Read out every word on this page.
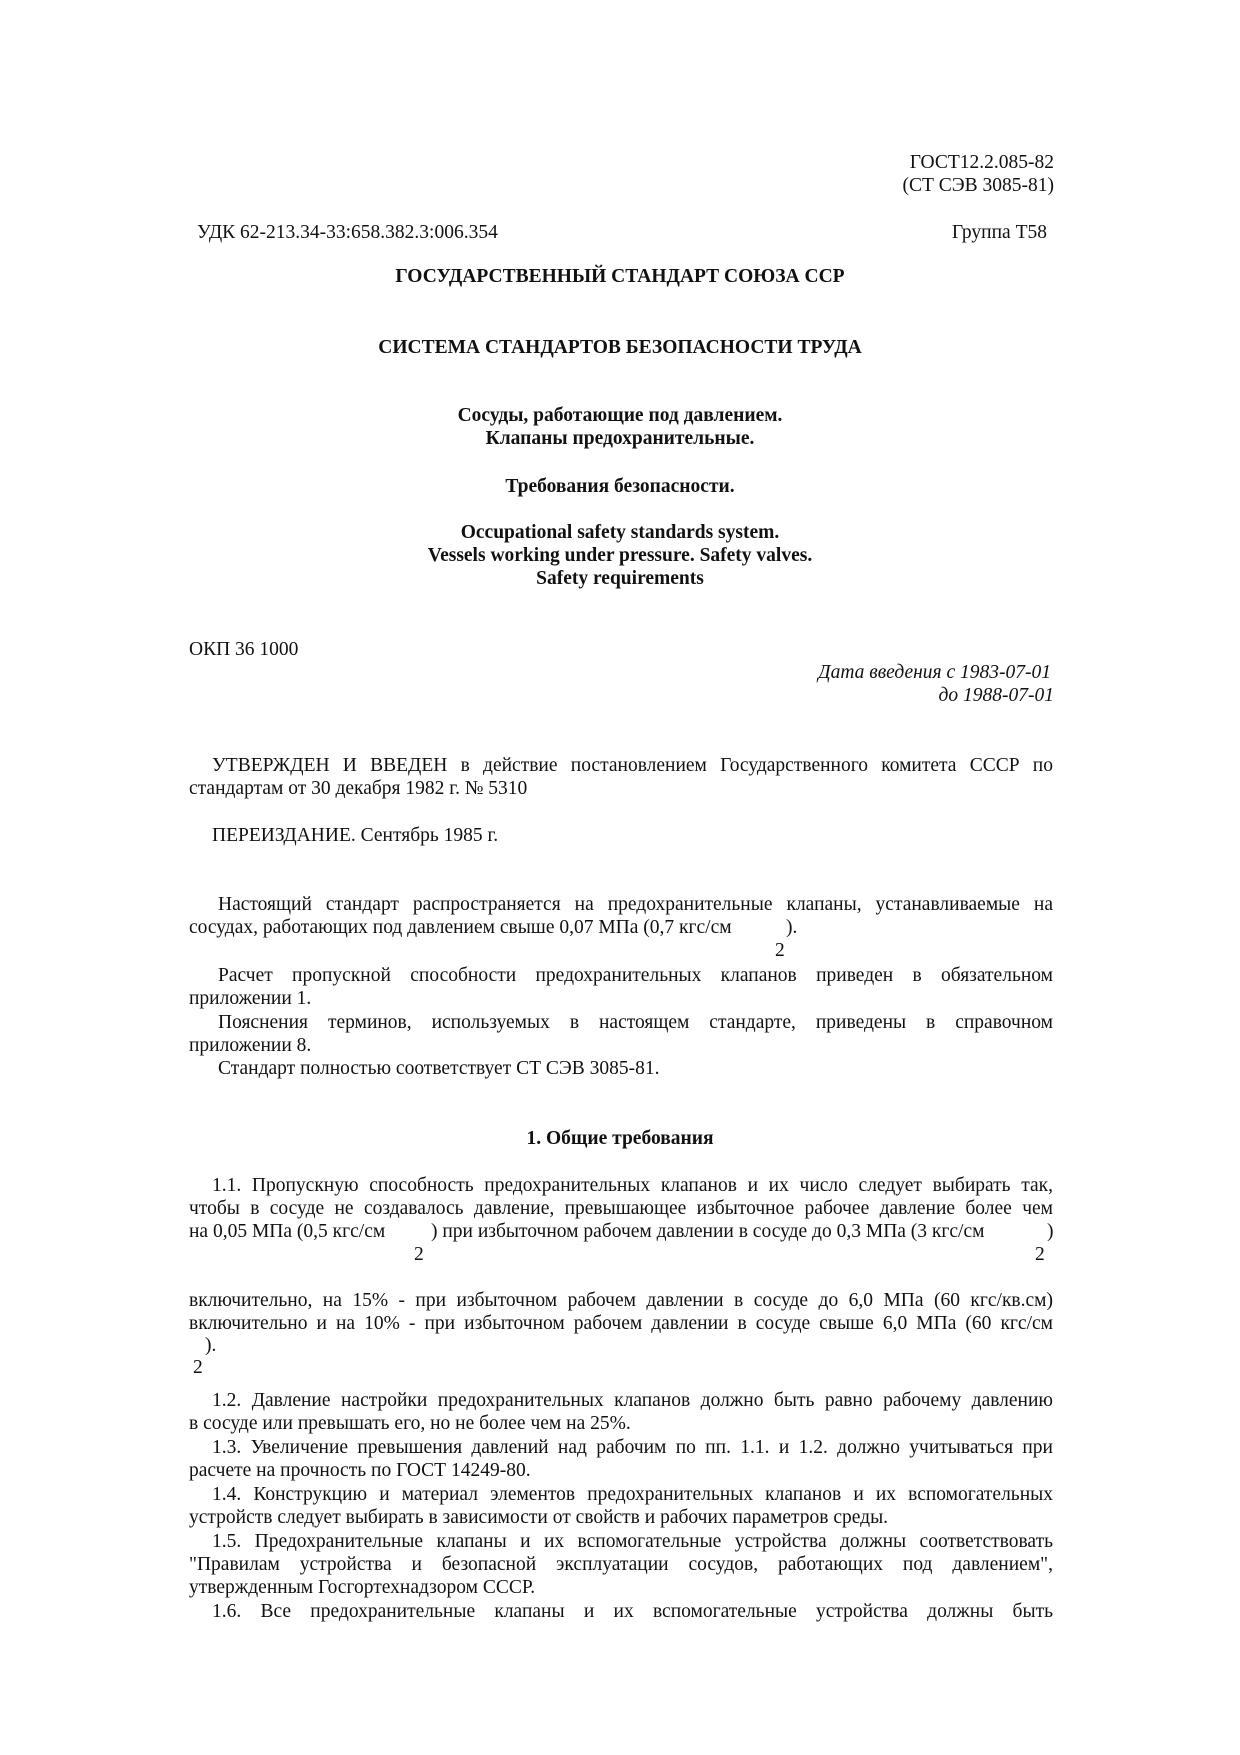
ГОСТ12.2.085-82
(СТ СЭВ 3085-81)
УДК 62-213.34-33:658.382.3:006.354	Группа Т58
ГОСУДАРСТВЕННЫЙ СТАНДАРТ СОЮЗА ССР
СИСТЕМА СТАНДАРТОВ БЕЗОПАСНОСТИ ТРУДА
Сосуды, работающие под давлением.
Клапаны предохранительные.
Требования безопасности.
Occupational safety standards system.
Vessels working under pressure. Safety valves.
Safety requirements
ОКП 36 1000
Дата введения с 1983-07-01
до 1988-07-01
УТВЕРЖДЕН И ВВЕДЕН в действие постановлением Государственного комитета СССР по
стандартам от 30 декабря 1982 г. № 5310
ПЕРЕИЗДАНИЕ. Сентябрь 1985 г.
Настоящий стандарт распространяется на предохранительные клапаны, устанавливаемые на
сосудах, работающих под давлением свыше 0,07 МПа (0,7 кгс/см	).
2
Расчет пропускной способности предохранительных клапанов приведен в обязательном
приложении 1.
Пояснения терминов, используемых в настоящем стандарте, приведены в справочном
приложении 8.
Стандарт полностью соответствует СТ СЭВ 3085-81.
1. Общие требования
1.1. Пропускную способность предохранительных клапанов и их число следует выбирать так,
чтобы в сосуде не создавалось давление, превышающее избыточное рабочее давление более чем
на 0,05 МПа (0,5 кгс/см ) при избыточном рабочем давлении в сосуде до 0,3 МПа (3 кгс/см	)
2	2
включительно, на 15% - при избыточном рабочем давлении в сосуде до 6,0 МПа (60 кгс/кв.см)
включительно и на 10% - при избыточном рабочем давлении в сосуде свыше 6,0 МПа (60 кгс/см
).
2
1.2. Давление настройки предохранительных клапанов должно быть равно рабочему давлению
в сосуде или превышать его, но не более чем на 25%.
1.3. Увеличение превышения давлений над рабочим по пп. 1.1. и 1.2. должно учитываться при
расчете на прочность по ГОСТ 14249-80.
1.4. Конструкцию и материал элементов предохранительных клапанов и их вспомогательных
устройств следует выбирать в зависимости от свойств и рабочих параметров среды.
1.5. Предохранительные клапаны и их вспомогательные устройства должны соответствовать
"Правилам устройства и безопасной эксплуатации сосудов, работающих под давлением",
утвержденным Госгортехнадзором СССР.
1.6. Все предохранительные клапаны и их вспомогательные устройства должны быть
